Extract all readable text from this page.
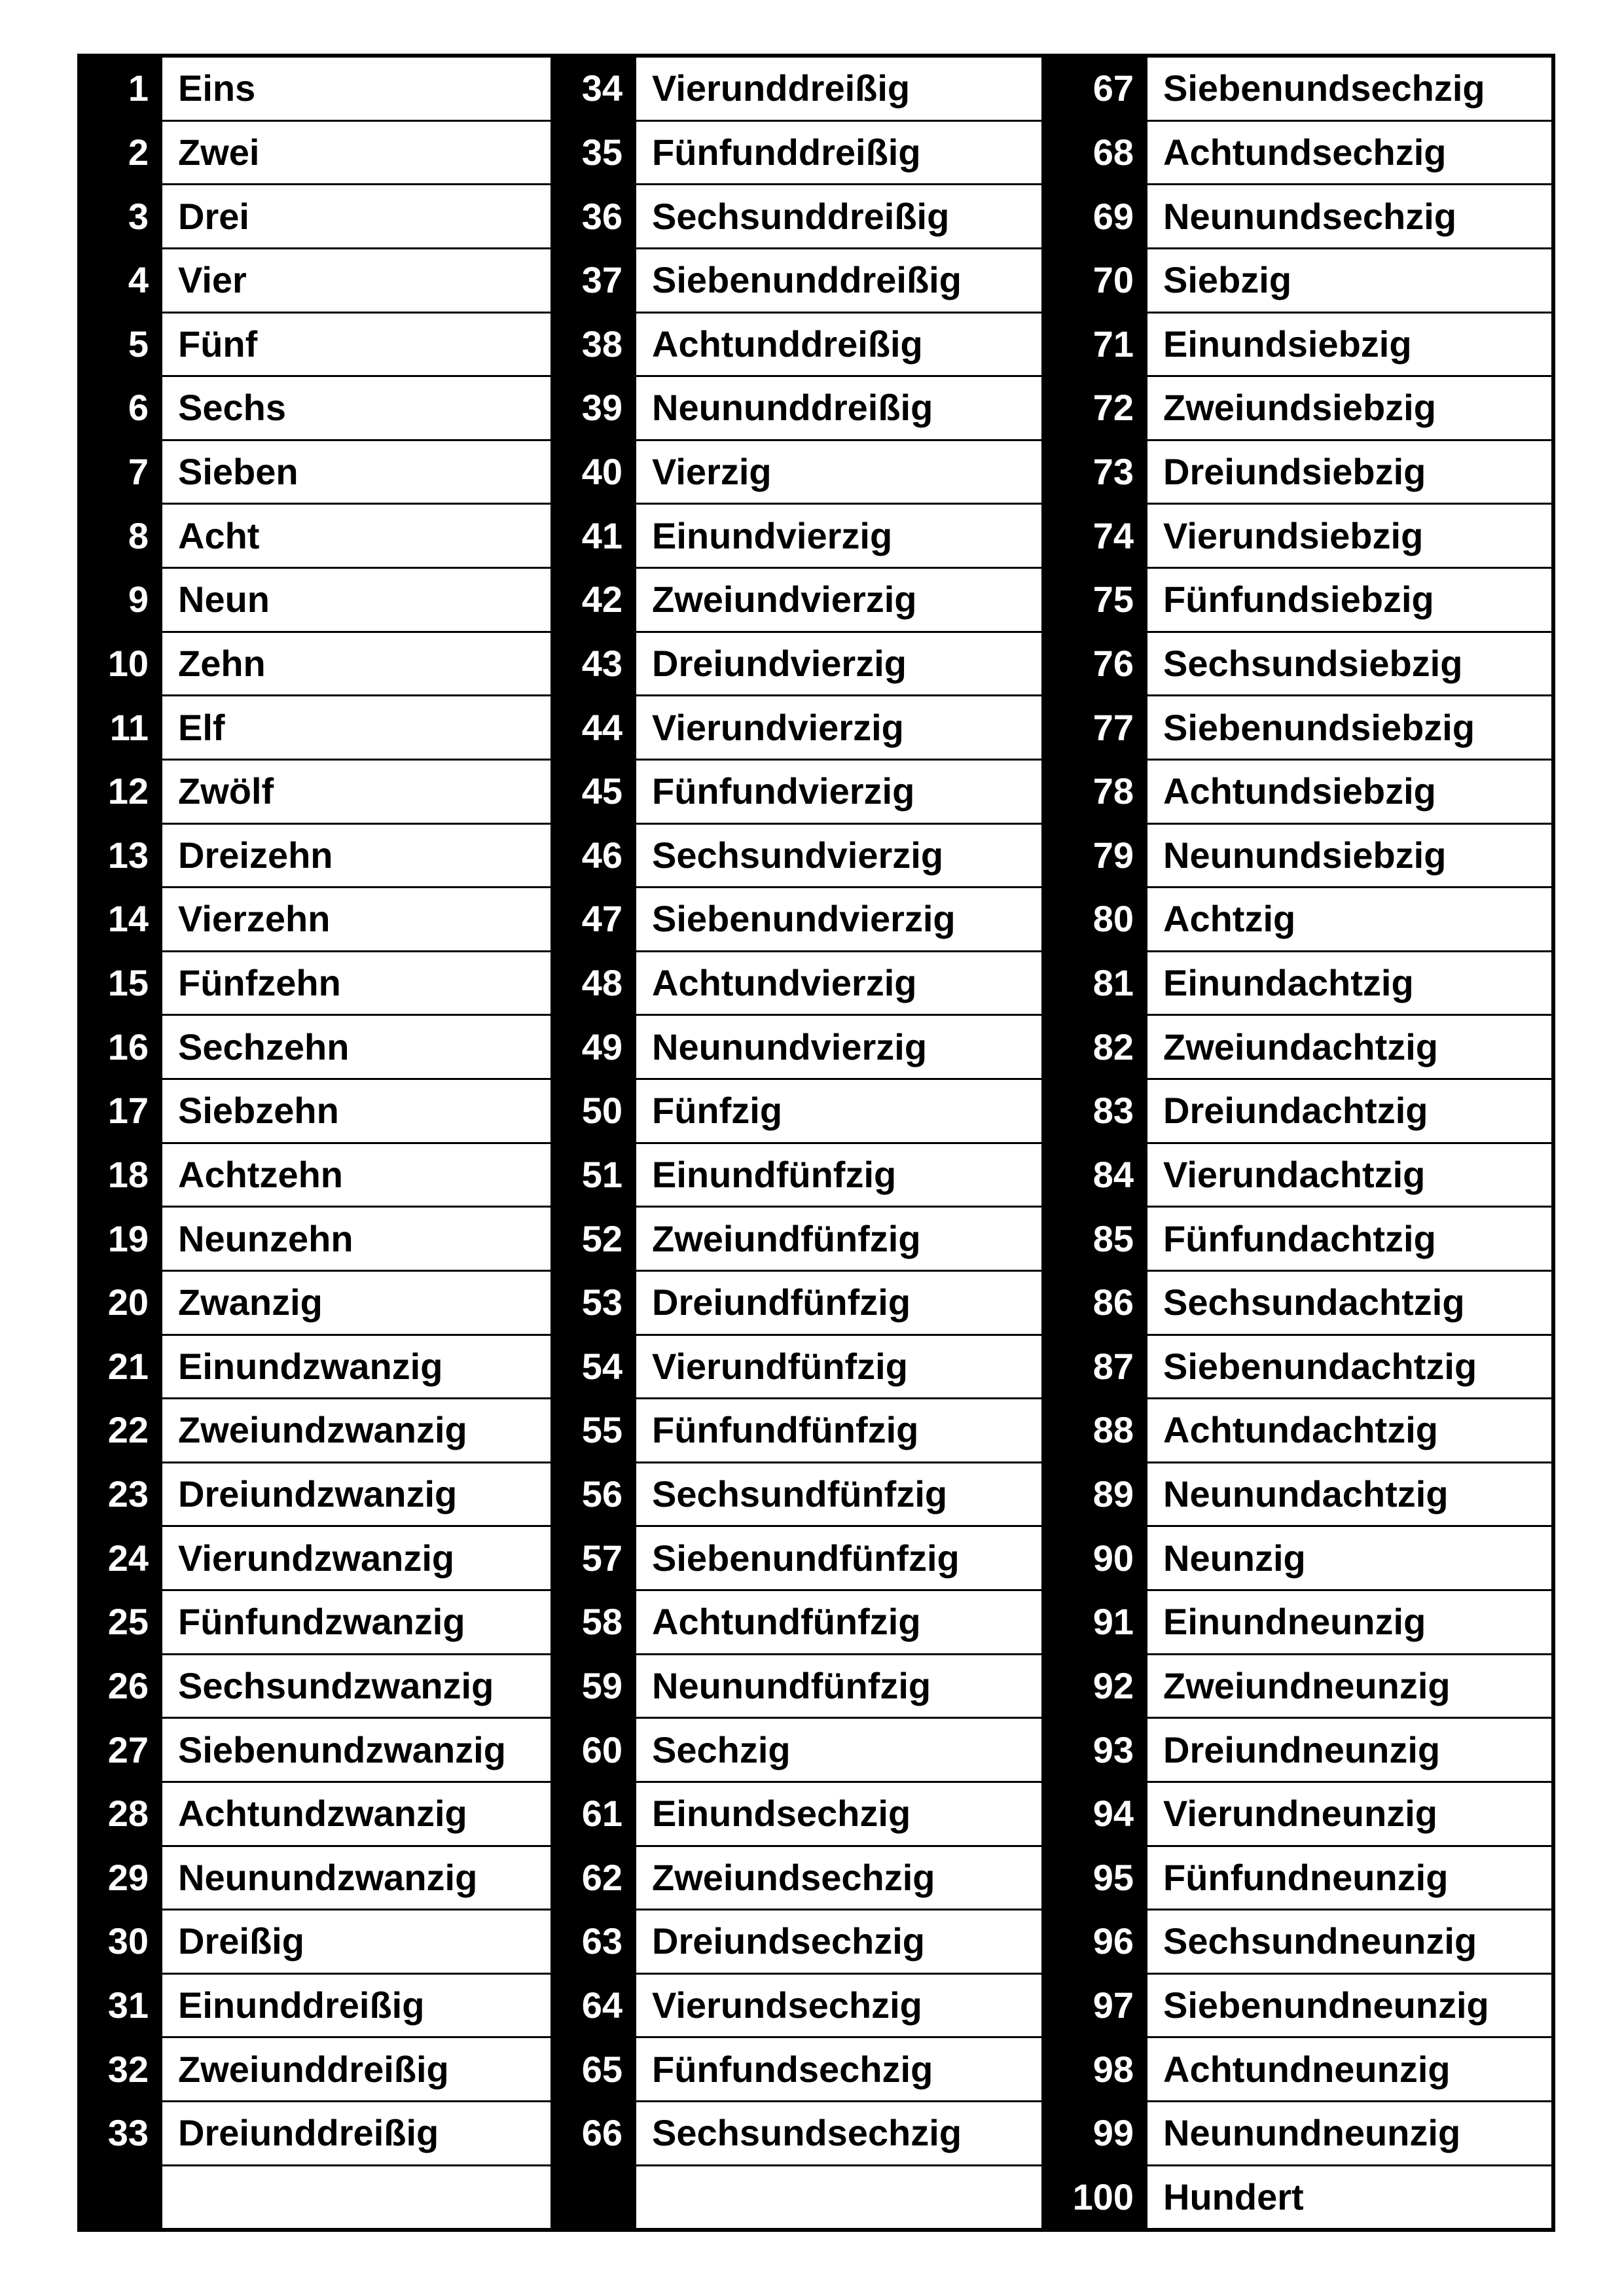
1 Eins
2 Zwei
3 Drei
4 Vier
5 Fünf
6 Sechs
7 Sieben
8 Acht
9 Neun
10 Zehn
11 Elf
12 Zwölf
13 Dreizehn
14 Vierzehn
15 Fünfzehn
16 Sechzehn
17 Siebzehn
18 Achtzehn
19 Neunzehn
20 Zwanzig
21 Einundzwanzig
22 Zweiundzwanzig
23 Dreiundzwanzig
24 Vierundzwanzig
25 Fünfundzwanzig
26 Sechsundzwanzig
27 Siebenundzwanzig
28 Achtundzwanzig
29 Neunundzwanzig
30 Dreißig
31 Einunddreißig
32 Zweiunddreißig
33 Dreiunddreißig
34 Vierunddreißig
35 Fünfunddreißig
36 Sechsunddreißig
37 Siebenunddreißig
38 Achtunddreißig
39 Neununddreißig
40 Vierzig
41 Einundvierzig
42 Zweiundvierzig
43 Dreiundvierzig
44 Vierundvierzig
45 Fünfundvierzig
46 Sechsundvierzig
47 Siebenundvierzig
48 Achtundvierzig
49 Neunundvierzig
50 Fünfzig
51 Einundfünfzig
52 Zweiundfünfzig
53 Dreiundfünfzig
54 Vierundfünfzig
55 Fünfundfünfzig
56 Sechsundfünfzig
57 Siebenundfünfzig
58 Achtundfünfzig
59 Neunundfünfzig
60 Sechzig
61 Einundsechzig
62 Zweiundsechzig
63 Dreiundsechzig
64 Vierundsechzig
65 Fünfundsechzig
66 Sechsundsechzig
67 Siebenundsechzig
68 Achtundsechzig
69 Neunundsechzig
70 Siebzig
71 Einundsiebzig
72 Zweiundsiebzig
73 Dreiundsiebzig
74 Vierundsiebzig
75 Fünfundsiebzig
76 Sechsundsiebzig
77 Siebenundsiebzig
78 Achtundsiebzig
79 Neunundsiebzig
80 Achtzig
81 Einundachtzig
82 Zweiundachtzig
83 Dreiundachtzig
84 Vierundachtzig
85 Fünfundachtzig
86 Sechsundachtzig
87 Siebenundachtzig
88 Achtundachtzig
89 Neunundachtzig
90 Neunzig
91 Einundneunzig
92 Zweiundneunzig
93 Dreiundneunzig
94 Vierundneunzig
95 Fünfundneunzig
96 Sechsundneunzig
97 Siebenundneunzig
98 Achtundneunzig
99 Neunundneunzig
100 Hundert
